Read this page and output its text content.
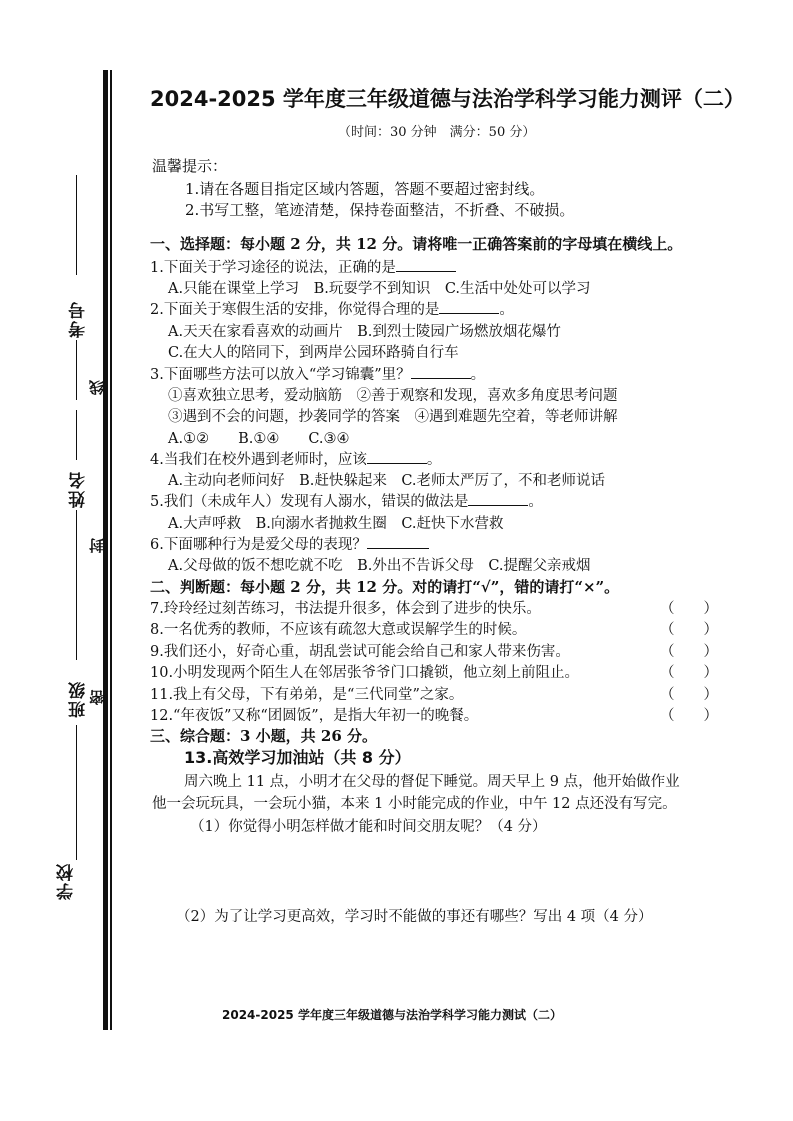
考号
线
姓名
封
班级 密
学校
2024-2025 学年度三年级道德与法治学科学习能力测评（二）
（时间：30 分钟　满分：50 分）
温馨提示：
1.请在各题目指定区域内答题，答题不要超过密封线。
2.书写工整，笔迹清楚，保持卷面整洁，不折叠、不破损。
一、选择题：每小题 2 分，共 12 分。请将唯一正确答案前的字母填在横线上。
1.下面关于学习途径的说法，正确的是
A.只能在课堂上学习　B.玩耍学不到知识　C.生活中处处可以学习
2.下面关于寒假生活的安排，你觉得合理的是	。
A.天天在家看喜欢的动画片　B.到烈士陵园广场燃放烟花爆竹
C.在大人的陪同下，到两岸公园环路骑自行车
3.下面哪些方法可以放入“学习锦囊”里？	。
①喜欢独立思考，爱动脑筋　②善于观察和发现，喜欢多角度思考问题
③遇到不会的问题，抄袭同学的答案　④遇到难题先空着，等老师讲解
A.①②　　B.①④　　C.③④
4.当我们在校外遇到老师时，应该	。
A.主动向老师问好　B.赶快躲起来　C.老师太严厉了，不和老师说话
5.我们（未成年人）发现有人溺水，错误的做法是	。
A.大声呼救　B.向溺水者抛救生圈　C.赶快下水营救
6.下面哪种行为是爱父母的表现？
A.父母做的饭不想吃就不吃　B.外出不告诉父母　C.提醒父亲戒烟
二、判断题：每小题 2 分，共 12 分。对的请打“√”，错的请打“×”。
7.玲玲经过刻苦练习，书法提升很多，体会到了进步的快乐。	（　　）
8.一名优秀的教师，不应该有疏忽大意或误解学生的时候。	（　　）
9.我们还小，好奇心重，胡乱尝试可能会给自己和家人带来伤害。	（　　）
10.小明发现两个陌生人在邻居张爷爷门口撬锁，他立刻上前阻止。	（　　）
11.我上有父母，下有弟弟，是“三代同堂”之家。	（　　）
12.“年夜饭”又称“团圆饭”，是指大年初一的晚餐。	（　　）
三、综合题：3 小题，共 26 分。
13.高效学习加油站（共 8 分）
周六晚上 11 点，小明才在父母的督促下睡觉。周天早上 9 点，他开始做作业
他一会玩玩具，一会玩小猫，本来 1 小时能完成的作业，中午 12 点还没有写完。
（1）你觉得小明怎样做才能和时间交朋友呢？（4 分）
（2）为了让学习更高效，学习时不能做的事还有哪些？写出 4 项（4 分）
2024-2025 学年度三年级道德与法治学科学习能力测试（二）
